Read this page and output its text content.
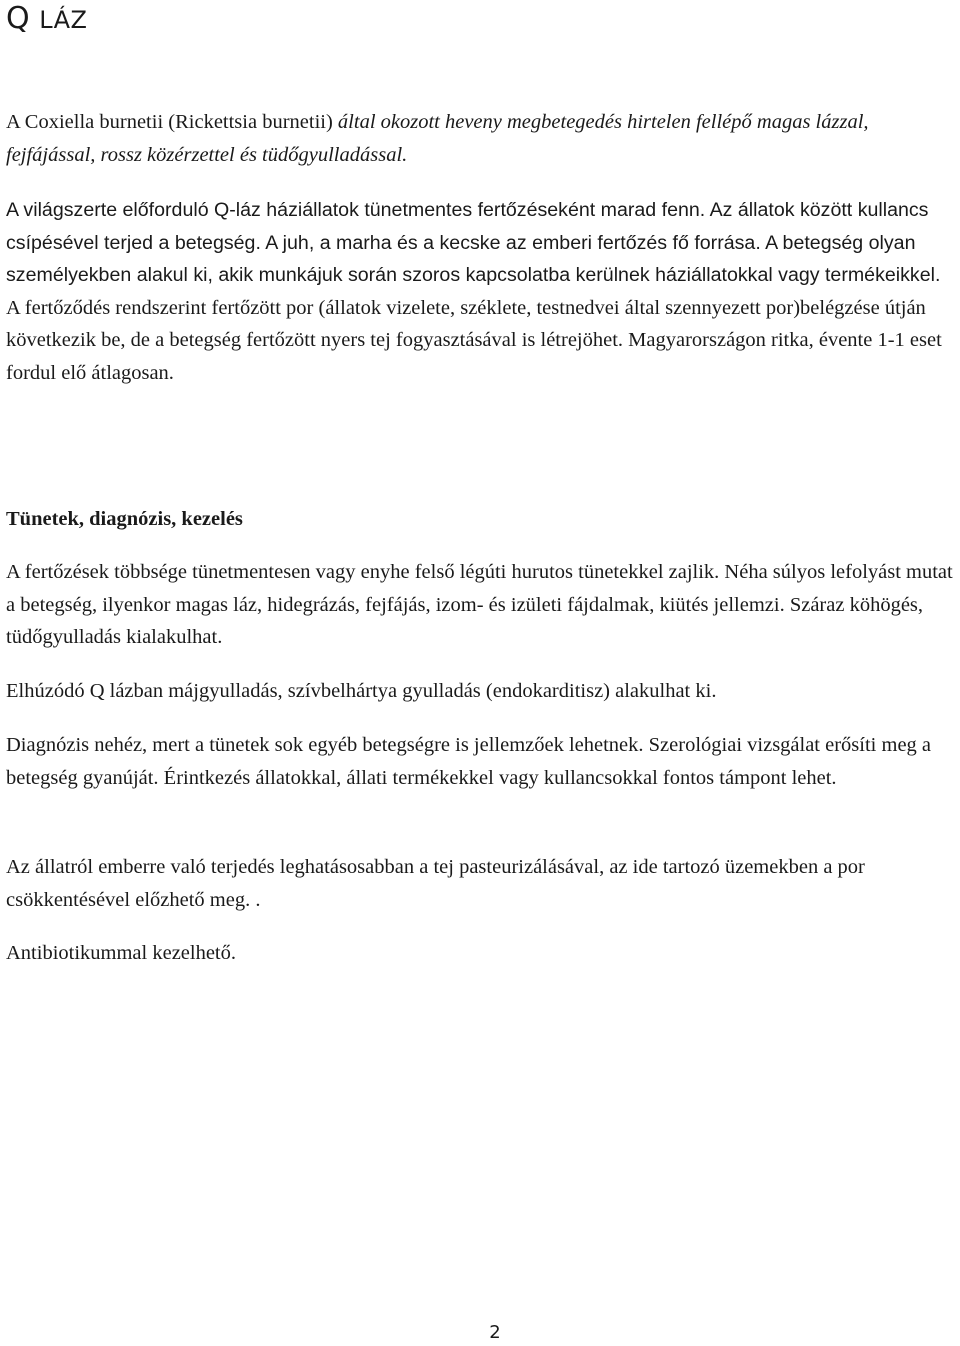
Q LÁZ

A Coxiella burnetii (Rickettsia burnetii) által okozott heveny megbetegedés hirtelen fellépő magas lázzal, fejfájással, rossz közérzettel és tüdőgyulladással.

A világszerte előforduló Q-láz háziállatok tünetmentes fertőzéseként marad fenn. Az állatok között kullancs csípésével terjed a betegség. A juh, a marha és a kecske az emberi fertőzés fő forrása. A betegség olyan személyekben alakul ki, akik munkájuk során szoros kapcsolatba kerülnek háziállatokkal vagy termékeikkel. A fertőződés rendszerint fertőzött por (állatok vizelete, széklete, testnedvei által szennyezett por)belégzése útján következik be, de a betegség fertőzött nyers tej fogyasztásával is létrejöhet. Magyarországon ritka, évente 1-1 eset fordul elő átlagosan.

Tünetek, diagnózis, kezelés

A fertőzések többsége tünetmentesen vagy enyhe felső légúti hurutos tünetekkel zajlik. Néha súlyos lefolyást mutat a betegség, ilyenkor magas láz, hidegrázás, fejfájás, izom- és izületi fájdalmak, kiütés jellemzi. Száraz köhögés, tüdőgyulladás kialakulhat.

Elhúzódó Q lázban májgyulladás, szívbelhártya gyulladás (endokarditisz) alakulhat ki.

Diagnózis nehéz, mert a tünetek sok egyéb betegségre is jellemzőek lehetnek. Szerológiai vizsgálat erősíti meg a betegség gyanúját. Érintkezés állatokkal, állati termékekkel vagy kullancsokkal fontos támpont lehet.

Az állatról emberre való terjedés leghatásosabban a tej pasteurizálásával, az ide tartozó üzemekben a por csökkentésével előzhető meg. .

Antibiotikummal kezelhető.

2
